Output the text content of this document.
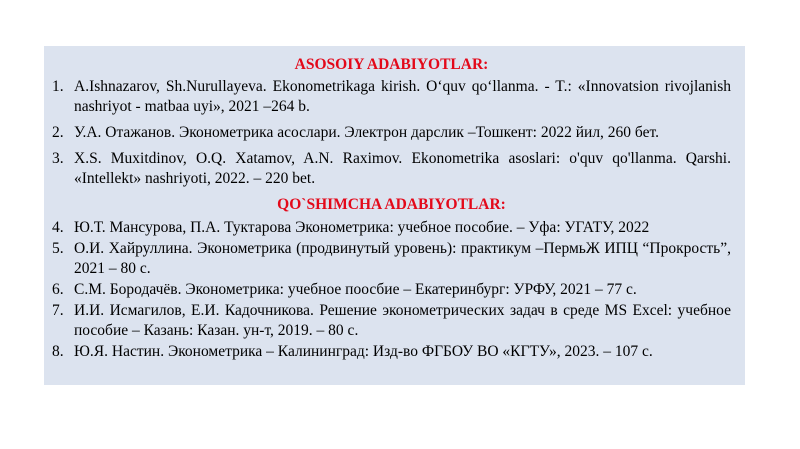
ASOSOIY ADABIYOTLAR:
1. A.Ishnazarov, Sh.Nurullayeva. Ekonometrikaga kirish. O‘quv qo‘llanma. - T.: «Innovatsion rivojlanish nashriyot - matbaa uyi», 2021 –264 b.
2. У.А. Отажанов. Эконометрика асослари. Электрон дарслик –Тошкент: 2022 йил, 260 бет.
3. X.S. Muxitdinov, O.Q. Xatamov, A.N. Raximov. Ekonometrika asoslari: o'quv qo'llanma. Qarshi. «Intellekt» nashriyoti, 2022. – 220 bet.
QO`SHIMCHA ADABIYOTLAR:
4. Ю.Т. Мансурова, П.А. Туктарова Эконометрика: учебное пособие. – Уфа: УГАТУ, 2022
5. О.И. Хайруллина. Эконометрика (продвинутый уровень): практикум –ПермьЖ ИПЦ “Прокрость”, 2021 – 80 с.
6. С.М. Бородачёв. Эконометрика: учебное поосбие – Екатеринбург: УРФУ, 2021 – 77 с.
7. И.И. Исмагилов, Е.И. Кадочникова. Решение эконометрических задач в среде MS Excel: учебное пособие – Казань: Казан. ун-т, 2019. – 80 с.
8. Ю.Я. Настин. Эконометрика – Калининград: Изд-во ФГБОУ ВО «КГТУ», 2023. – 107 с.
